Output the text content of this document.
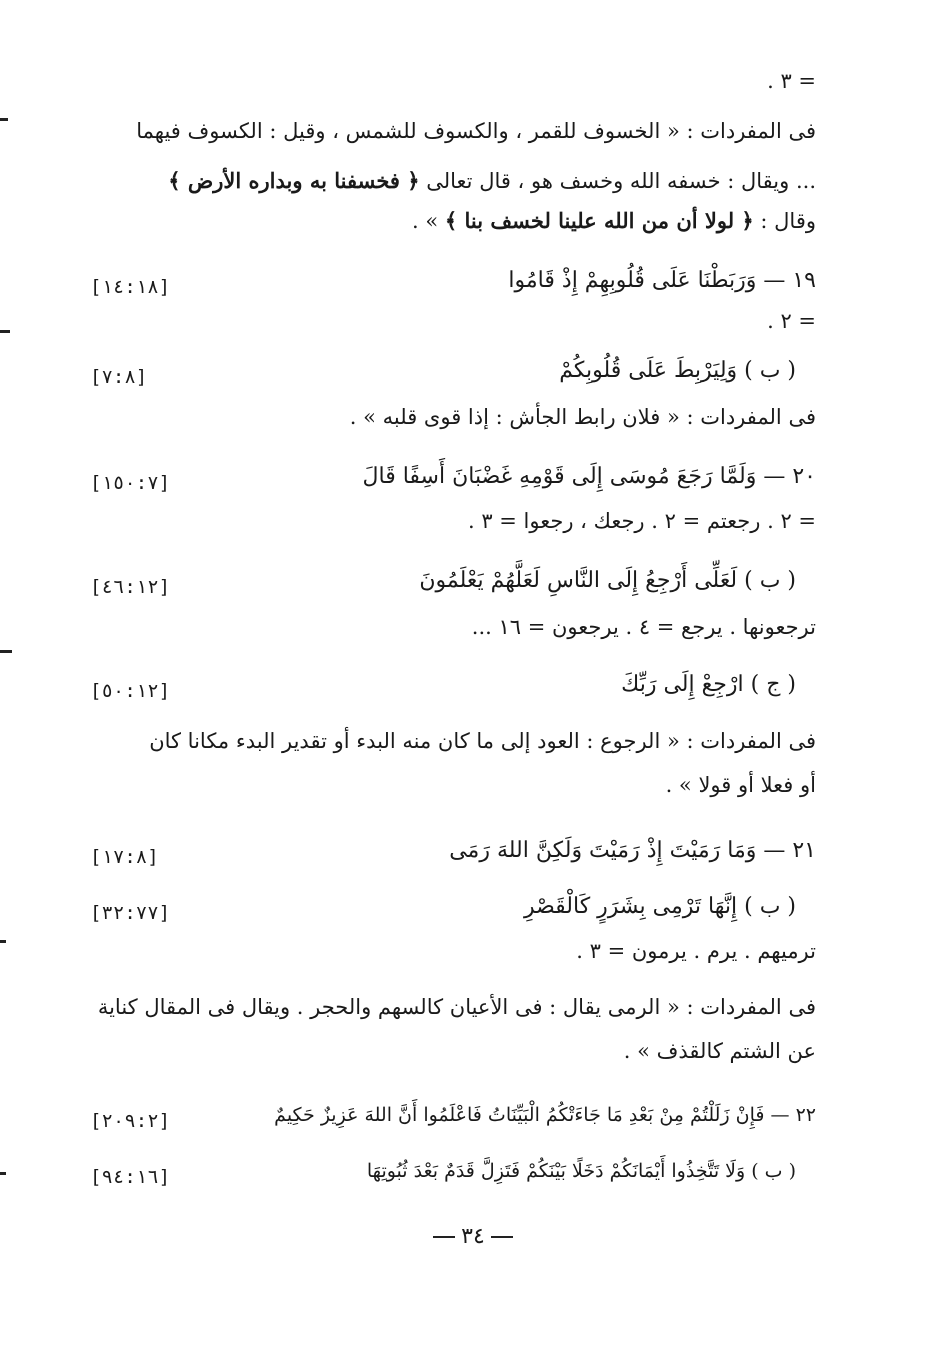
. ٣ =
فى المفردات : « الخسوف للقمر ، والكسوف للشمس ، وقيل : الكسوف فيهما
... ويقال : خسفه الله وخسف هو ، قال تعالى ﴿ فخسفنا به وبداره الأرض ﴾
وقال : ﴿ لولا أن من الله علينا لخسف بنا ﴾ » .
١٩ — وَرَبَطْنَا عَلَى قُلُوبِهِمْ إِذْ قَامُوا
[١٤:١٨]
. ٢ =
( ب ) وَلِيَرْبِطَ عَلَى قُلُوبِكُمْ
[٧:٨]
فى المفردات : « فلان رابط الجأش : إذا قوى قلبه » .
٢٠ — وَلَمَّا رَجَعَ مُوسَى إِلَى قَوْمِهِ غَضْبَانَ أَسِفًا قَالَ
[١٥٠:٧]
= ٢ . رجعتم = ٢ . رجعك ، رجعوا = ٣ .
( ب ) لَعَلِّى أَرْجِعُ إِلَى النَّاسِ لَعَلَّهُمْ يَعْلَمُونَ
[٤٦:١٢]
ترجعونها . يرجع = ٤ . يرجعون = ١٦ ...
( ج ) ارْجِعْ إِلَى رَبِّكَ
[٥٠:١٢]
فى المفردات : « الرجوع : العود إلى ما كان منه البدء أو تقدير البدء مكانا كان
أو فعلا أو قولا » .
٢١ — وَمَا رَمَيْتَ إِذْ رَمَيْتَ وَلَكِنَّ اللهَ رَمَى
[١٧:٨]
( ب ) إِنَّهَا تَرْمِى بِشَرَرٍ كَالْقَصْرِ
[٣٢:٧٧]
ترميهم . يرم . يرمون = ٣ .
فى المفردات : « الرمى يقال : فى الأعيان كالسهم والحجر . ويقال فى المقال كناية
عن الشتم كالقذف » .
٢٢ — فَإِنْ زَلَلْتُمْ مِنْ بَعْدِ مَا جَاءَتْكُمُ الْبَيِّنَاتُ فَاعْلَمُوا أَنَّ اللهَ عَزِيزٌ حَكِيمٌ
[٢٠٩:٢]
( ب ) وَلَا تَتَّخِذُوا أَيْمَانَكُمْ دَخَلًا بَيْنَكُمْ فَتَزِلَّ قَدَمٌ بَعْدَ ثُبُوتِهَا
[٩٤:١٦]
٣٤
